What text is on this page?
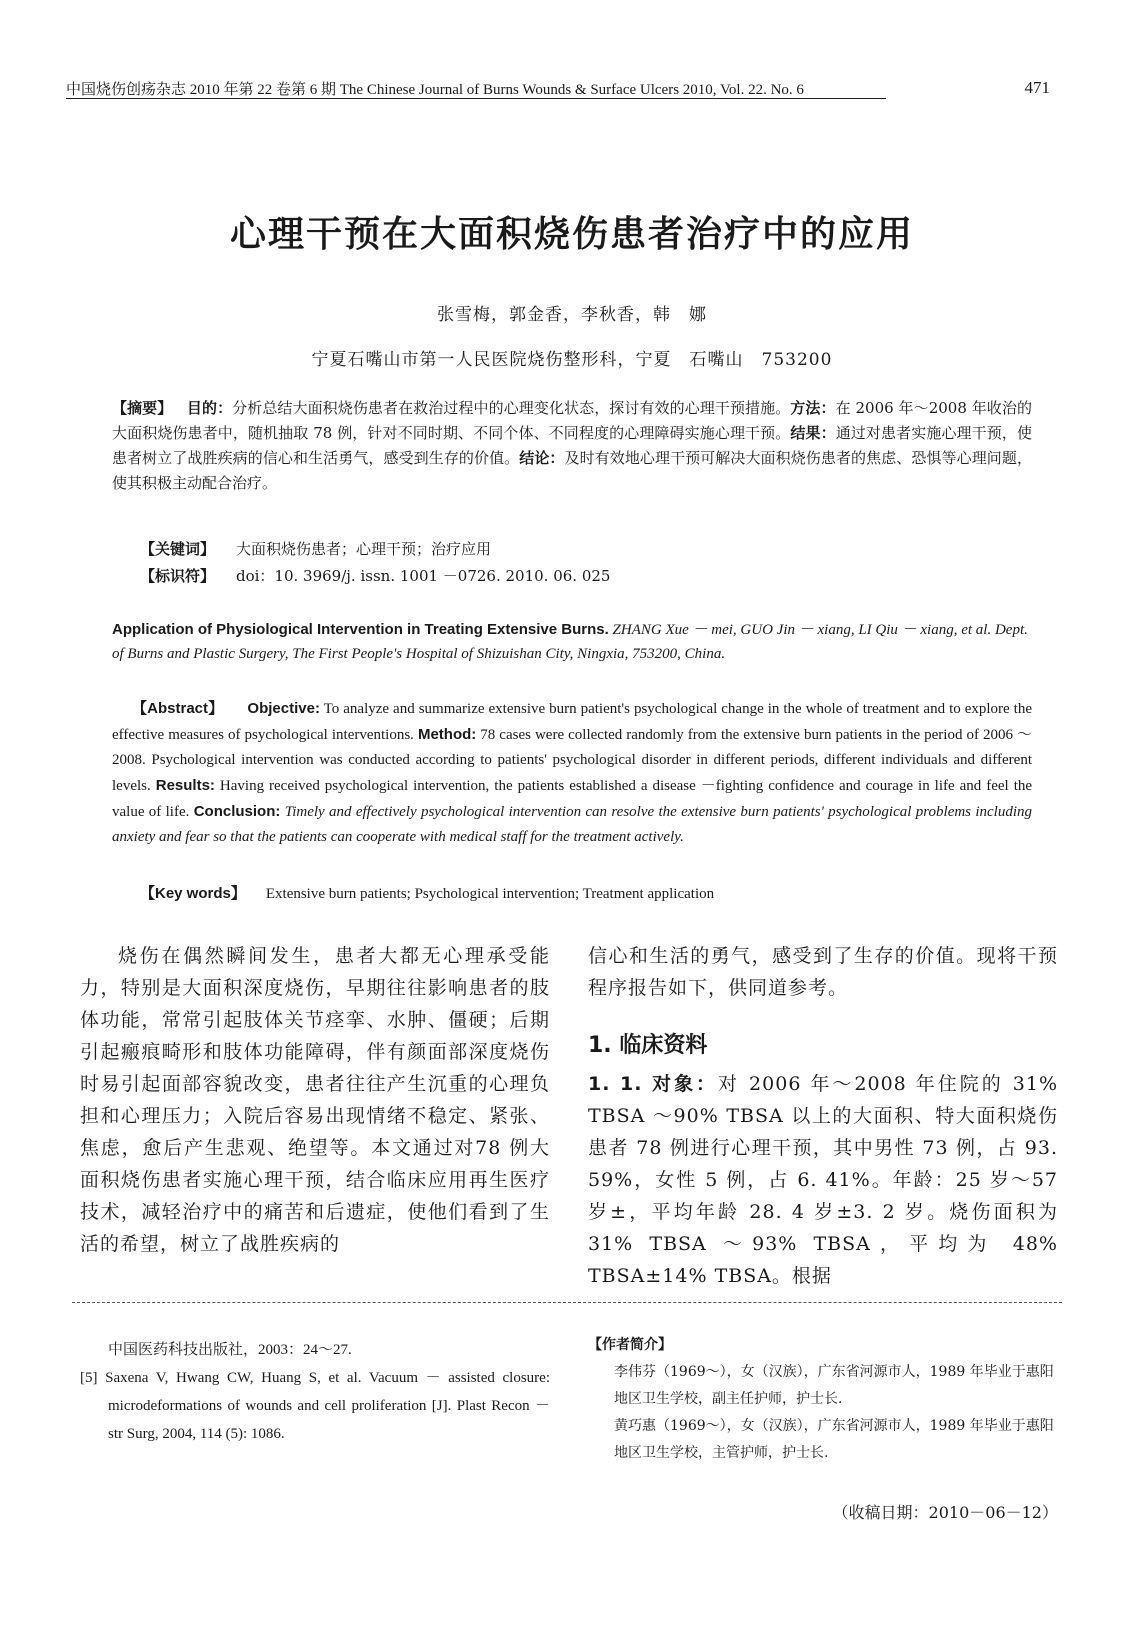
中国烧伤创疡杂志 2010 年第 22 卷第 6 期 The Chinese Journal of Burns Wounds & Surface Ulcers 2010, Vol. 22. No. 6	471
心理干预在大面积烧伤患者治疗中的应用
张雪梅，郭金香，李秋香，韩　娜
宁夏石嘴山市第一人民医院烧伤整形科，宁夏　石嘴山　753200
【摘要】 目的：分析总结大面积烧伤患者在救治过程中的心理变化状态，探讨有效的心理干预措施。方法：在 2006 年～2008 年收治的大面积烧伤患者中，随机抽取 78 例，针对不同时期、不同个体、不同程度的心理障碍实施心理干预。结果：通过对患者实施心理干预，使患者树立了战胜疾病的信心和生活勇气，感受到生存的价值。结论：及时有效地心理干预可解决大面积烧伤患者的焦虑、恐惧等心理问题，使其积极主动配合治疗。
【关键词】 大面积烧伤患者；心理干预；治疗应用
【标识符】 doi：10. 3969/j. issn. 1001 －0726. 2010. 06. 025
Application of Physiological Intervention in Treating Extensive Burns. ZHANG Xue － mei, GUO Jin － xiang, LI Qiu － xiang, et al. Dept. of Burns and Plastic Surgery, The First People's Hospital of Shizuishan City, Ningxia, 753200, China.
【Abstract】 Objective: To analyze and summarize extensive burn patient's psychological change in the whole of treatment and to explore the effective measures of psychological interventions. Method: 78 cases were collected randomly from the extensive burn patients in the period of 2006 ～2008. Psychological intervention was conducted according to patients' psychological disorder in different periods, different individuals and different levels. Results: Having received psychological intervention, the patients established a disease －fighting confidence and courage in life and feel the value of life. Conclusion: Timely and effectively psychological intervention can resolve the extensive burn patients' psychological problems including anxiety and fear so that the patients can cooperate with medical staff for the treatment actively.
【Key words】 Extensive burn patients; Psychological intervention; Treatment application
烧伤在偶然瞬间发生，患者大都无心理承受能力，特别是大面积深度烧伤，早期往往影响患者的肢体功能，常常引起肢体关节痉挛、水肿、僵硬；后期引起瘢痕畸形和肢体功能障碍，伴有颜面部深度烧伤时易引起面部容貌改变，患者往往产生沉重的心理负担和心理压力；入院后容易出现情绪不稳定、紧张、焦虑，愈后产生悲观、绝望等。本文通过对78 例大面积烧伤患者实施心理干预，结合临床应用再生医疗技术，减轻治疗中的痛苦和后遗症，使他们看到了生活的希望，树立了战胜疾病的
信心和生活的勇气，感受到了生存的价值。现将干预程序报告如下，供同道参考。
1. 临床资料
1. 1. 对象：对 2006 年～2008 年住院的 31% TBSA ～90% TBSA 以上的大面积、特大面积烧伤患者 78 例进行心理干预，其中男性 73 例，占 93. 59%，女性 5 例，占 6. 41%。年龄：25 岁～57 岁±，平均年龄 28. 4 岁±3. 2 岁。烧伤面积为 31% TBSA ～93% TBSA，平均为 48% TBSA±14% TBSA。根据
中国医药科技出版社，2003：24～27.
[5] Saxena V, Hwang CW, Huang S, et al. Vacuum － assisted closure: microdeformations of wounds and cell proliferation [J]. Plast Recon － str Surg, 2004, 114 (5): 1086.
【作者简介】
李伟芬（1969～），女（汉族），广东省河源市人，1989 年毕业于惠阳地区卫生学校，副主任护师，护士长.
黄巧惠（1969～），女（汉族），广东省河源市人，1989 年毕业于惠阳地区卫生学校，主管护师，护士长.
（收稿日期：2010－06－12）
